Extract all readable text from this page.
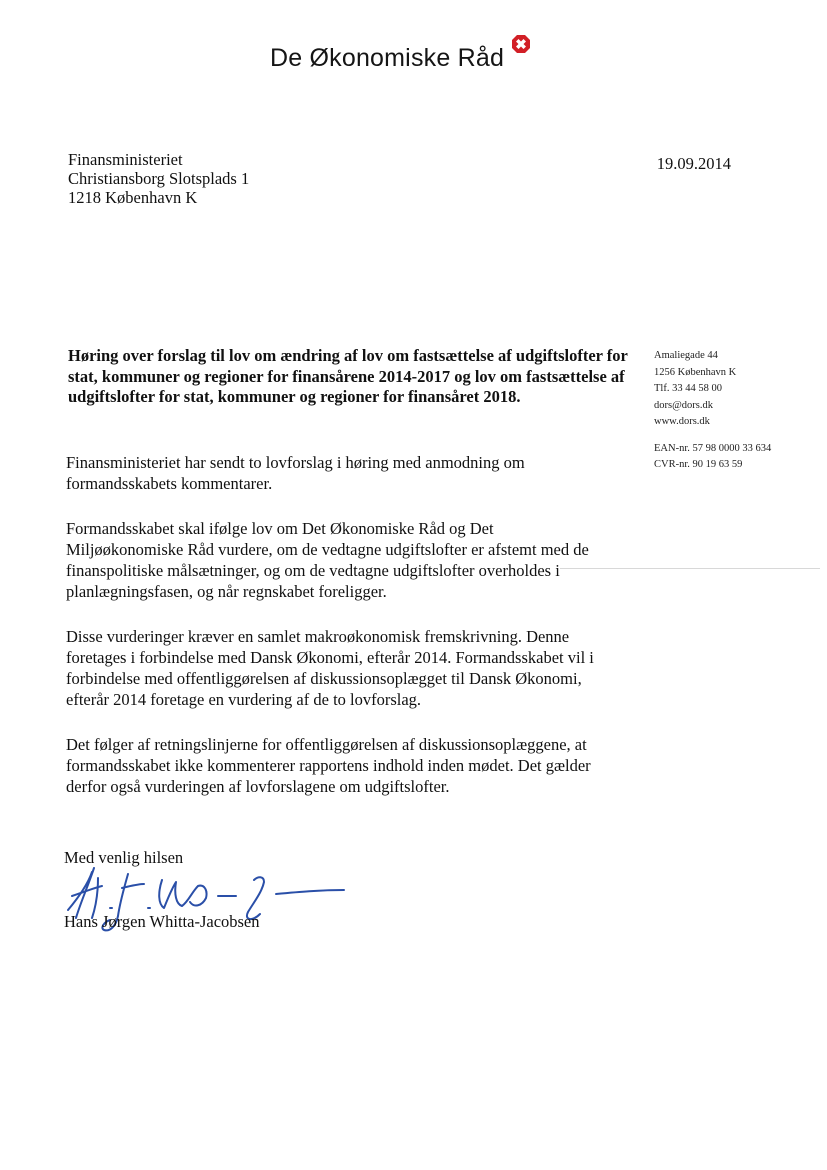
De Økonomiske Råd
Finansministeriet
Christiansborg Slotsplads 1
1218 København K
19.09.2014
Høring over forslag til lov om ændring af lov om fastsættelse af udgiftslofter for stat, kommuner og regioner for finansårene 2014-2017 og lov om fastsættelse af udgiftslofter for stat, kommuner og regioner for finansåret 2018.
Amaliegade 44
1256 København K
Tlf. 33 44 58 00
dors@dors.dk
www.dors.dk
EAN-nr. 57 98 0000 33 634
CVR-nr. 90 19 63 59

Finansministeriet har sendt to lovforslag i høring med anmodning om formandsskabets kommentarer.

Formandsskabet skal ifølge lov om Det Økonomiske Råd og Det Miljøøkonomiske Råd vurdere, om de vedtagne udgiftslofter er afstemt med de finanspolitiske målsætninger, og om de vedtagne udgiftslofter overholdes i planlægningsfasen, og når regnskabet foreligger.

Disse vurderinger kræver en samlet makroøkonomisk fremskrivning. Denne foretages i forbindelse med Dansk Økonomi, efterår 2014. Formandsskabet vil i forbindelse med offentliggørelsen af diskussionsoplægget til Dansk Økonomi, efterår 2014 foretage en vurdering af de to lovforslag.

Det følger af retningslinjerne for offentliggørelsen af diskussionsoplæggene, at formandsskabet ikke kommenterer rapportens indhold inden mødet. Det gælder derfor også vurderingen af lovforslagene om udgiftslofter.

Med venlig hilsen
Hans Jørgen Whitta-Jacobsen
